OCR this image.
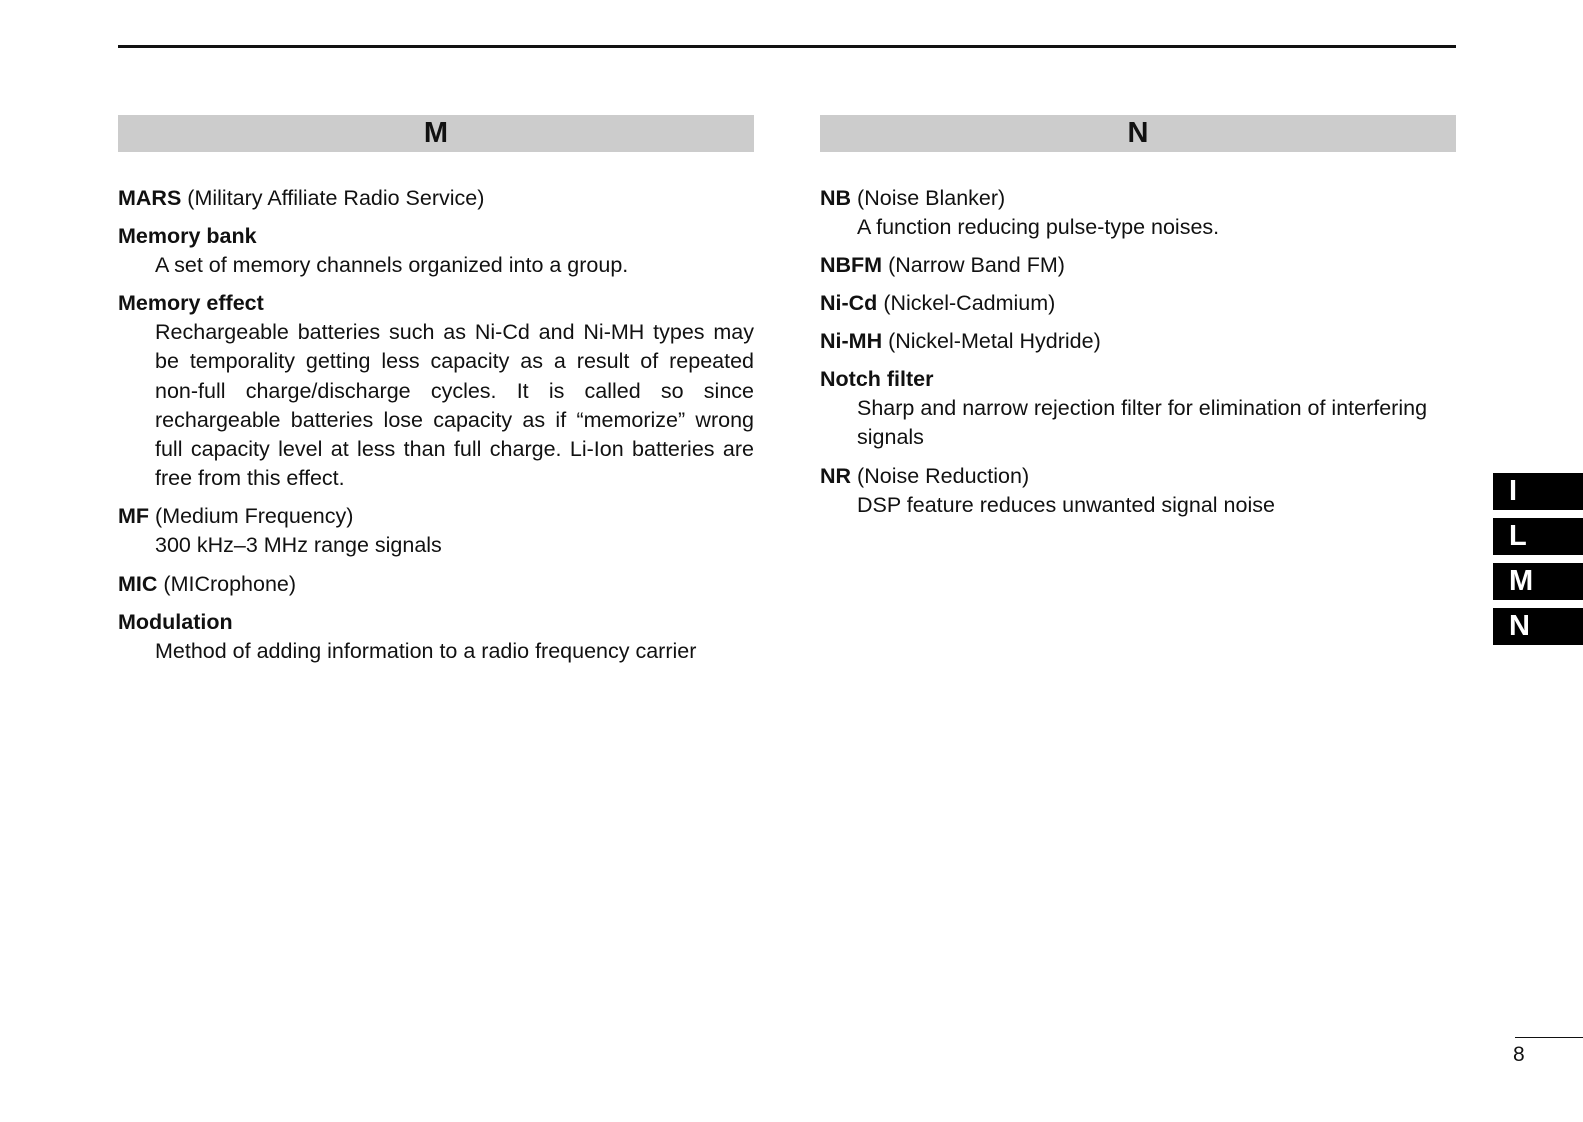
M
MARS (Military Affiliate Radio Service)
Memory bank
A set of memory channels organized into a group.
Memory effect
Rechargeable batteries such as Ni-Cd and Ni-MH types may be temporality getting less capacity as a result of repeated non-full charge/discharge cycles. It is called so since rechargeable batteries lose capacity as if “memorize” wrong full capacity level at less than full charge. Li-Ion batteries are free from this effect.
MF (Medium Frequency)
300 kHz–3 MHz range signals
MIC (MICrophone)
Modulation
Method of adding information to a radio frequency carrier
N
NB (Noise Blanker)
A function reducing pulse-type noises.
NBFM (Narrow Band FM)
Ni-Cd (Nickel-Cadmium)
Ni-MH (Nickel-Metal Hydride)
Notch filter
Sharp and narrow rejection filter for elimination of interfering signals
NR (Noise Reduction)
DSP feature reduces unwanted signal noise	I
L
M
N
8
